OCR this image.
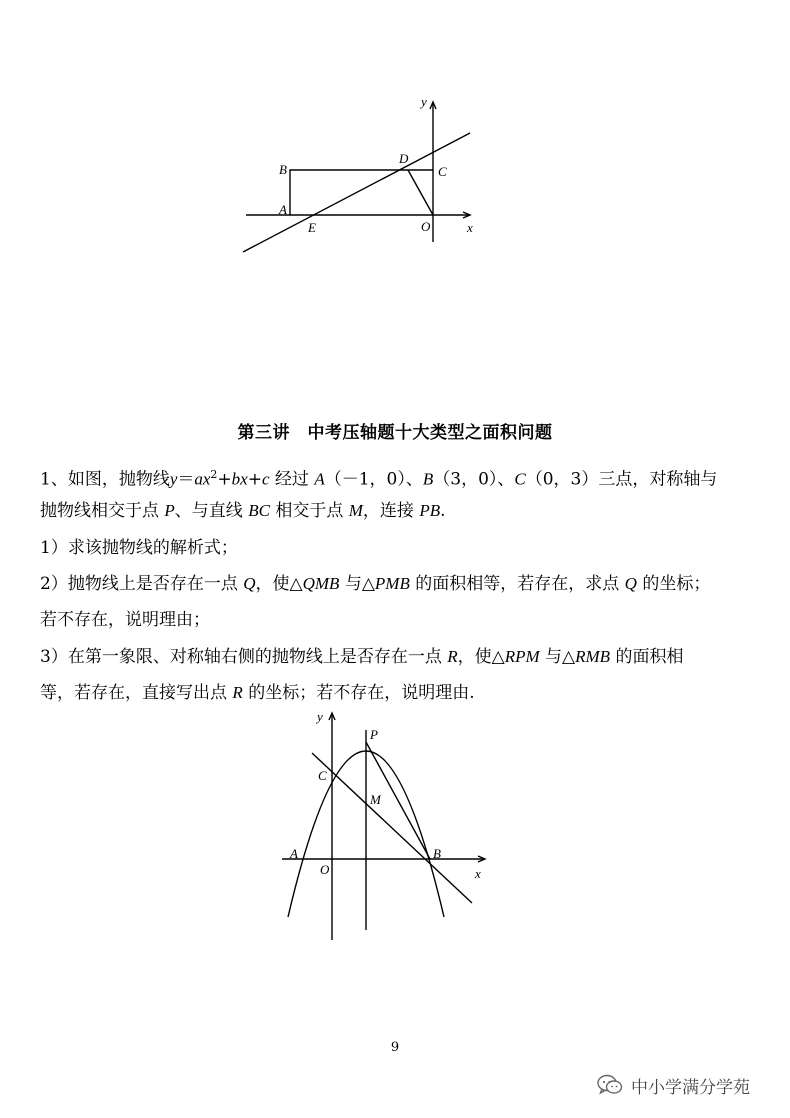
y
B
A
D
C
E	O	x
第三讲　中考压轴题十大类型之面积问题
1、如图，抛物线$y=ax^2+bx+c$ 经过 A（－1，0）、B（3，0）、C（0，3）三点，对称轴与
抛物线相交于点 P、与直线 BC 相交于点 M，连接 PB.
1）求该抛物线的解析式；
2）抛物线上是否存在一点 Q，使△QMB 与△PMB 的面积相等，若存在，求点 Q 的坐标；
若不存在，说明理由；
3）在第一象限、对称轴右侧的抛物线上是否存在一点 R，使△RPM 与△RMB 的面积相
等，若存在，直接写出点 R 的坐标；若不存在，说明理由.
y
P
C
M
A
O
B
x
9
中小学满分学苑
